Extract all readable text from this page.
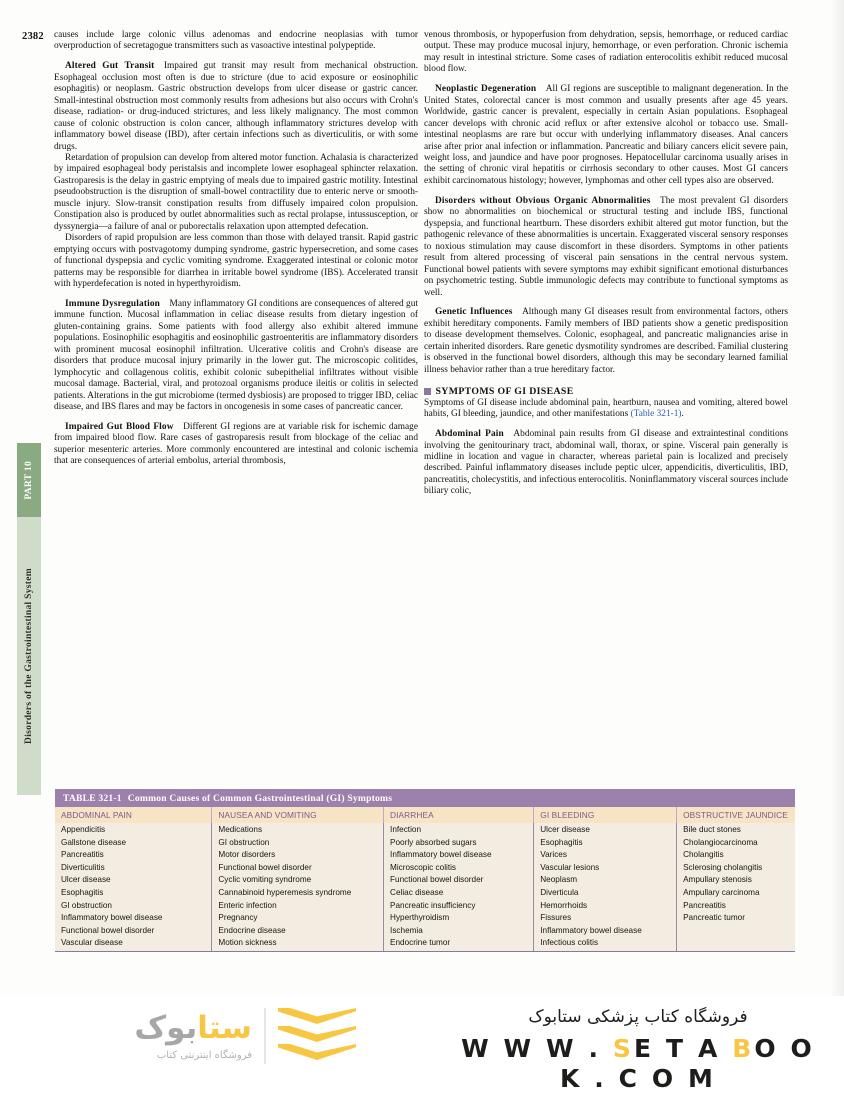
2382
PART 10
Disorders of the Gastrointestinal System

causes include large colonic villus adenomas and endocrine neoplasias with tumor overproduction of secretagogue transmitters such as vasoactive intestinal polypeptide.

Altered Gut Transit Impaired gut transit may result from mechanical obstruction. Esophageal occlusion most often is due to stricture (due to acid exposure or eosinophilic esophagitis) or neoplasm. Gastric obstruction develops from ulcer disease or gastric cancer. Small-intestinal obstruction most commonly results from adhesions but also occurs with Crohn's disease, radiation- or drug-induced strictures, and less likely malignancy. The most common cause of colonic obstruction is colon cancer, although inflammatory strictures develop with inflammatory bowel disease (IBD), after certain infections such as diverticulitis, or with some drugs.

Retardation of propulsion can develop from altered motor function. Achalasia is characterized by impaired esophageal body peristalsis and incomplete lower esophageal sphincter relaxation. Gastroparesis is the delay in gastric emptying of meals due to impaired gastric motility. Intestinal pseudoobstruction is the disruption of small-bowel contractility due to enteric nerve or smooth-muscle injury. Slow-transit constipation results from diffusely impaired colon propulsion. Constipation also is produced by outlet abnormalities such as rectal prolapse, intussusception, or dyssynergia—a failure of anal or puborectalis relaxation upon attempted defecation.

Disorders of rapid propulsion are less common than those with delayed transit. Rapid gastric emptying occurs with postvagotomy dumping syndrome, gastric hypersecretion, and some cases of functional dyspepsia and cyclic vomiting syndrome. Exaggerated intestinal or colonic motor patterns may be responsible for diarrhea in irritable bowel syndrome (IBS). Accelerated transit with hyperdefecation is noted in hyperthyroidism.

Immune Dysregulation Many inflammatory GI conditions are consequences of altered gut immune function. Mucosal inflammation in celiac disease results from dietary ingestion of gluten-containing grains. Some patients with food allergy also exhibit altered immune populations. Eosinophilic esophagitis and eosinophilic gastroenteritis are inflammatory disorders with prominent mucosal eosinophil infiltration. Ulcerative colitis and Crohn's disease are disorders that produce mucosal injury primarily in the lower gut. The microscopic colitides, lymphocytic and collagenous colitis, exhibit colonic subepithelial infiltrates without visible mucosal damage. Bacterial, viral, and protozoal organisms produce ileitis or colitis in selected patients. Alterations in the gut microbiome (termed dysbiosis) are proposed to trigger IBD, celiac disease, and IBS flares and may be factors in oncogenesis in some cases of pancreatic cancer.

Impaired Gut Blood Flow Different GI regions are at variable risk for ischemic damage from impaired blood flow. Rare cases of gastroparesis result from blockage of the celiac and superior mesenteric arteries. More commonly encountered are intestinal and colonic ischemia that are consequences of arterial embolus, arterial thrombosis,

venous thrombosis, or hypoperfusion from dehydration, sepsis, hemorrhage, or reduced cardiac output. These may produce mucosal injury, hemorrhage, or even perforation. Chronic ischemia may result in intestinal stricture. Some cases of radiation enterocolitis exhibit reduced mucosal blood flow.

Neoplastic Degeneration All GI regions are susceptible to malignant degeneration. In the United States, colorectal cancer is most common and usually presents after age 45 years. Worldwide, gastric cancer is prevalent, especially in certain Asian populations. Esophageal cancer develops with chronic acid reflux or after extensive alcohol or tobacco use. Small-intestinal neoplasms are rare but occur with underlying inflammatory diseases. Anal cancers arise after prior anal infection or inflammation. Pancreatic and biliary cancers elicit severe pain, weight loss, and jaundice and have poor prognoses. Hepatocellular carcinoma usually arises in the setting of chronic viral hepatitis or cirrhosis secondary to other causes. Most GI cancers exhibit carcinomatous histology; however, lymphomas and other cell types also are observed.

Disorders without Obvious Organic Abnormalities The most prevalent GI disorders show no abnormalities on biochemical or structural testing and include IBS, functional dyspepsia, and functional heartburn. These disorders exhibit altered gut motor function, but the pathogenic relevance of these abnormalities is uncertain. Exaggerated visceral sensory responses to noxious stimulation may cause discomfort in these disorders. Symptoms in other patients result from altered processing of visceral pain sensations in the central nervous system. Functional bowel patients with severe symptoms may exhibit significant emotional disturbances on psychometric testing. Subtle immunologic defects may contribute to functional symptoms as well.

Genetic Influences Although many GI diseases result from environmental factors, others exhibit hereditary components. Family members of IBD patients show a genetic predisposition to disease development themselves. Colonic, esophageal, and pancreatic malignancies arise in certain inherited disorders. Rare genetic dysmotility syndromes are described. Familial clustering is observed in the functional bowel disorders, although this may be secondary learned familial illness behavior rather than a true hereditary factor.

SYMPTOMS OF GI DISEASE

Symptoms of GI disease include abdominal pain, heartburn, nausea and vomiting, altered bowel habits, GI bleeding, jaundice, and other manifestations (Table 321-1).

Abdominal Pain Abdominal pain results from GI disease and extraintestinal conditions involving the genitourinary tract, abdominal wall, thorax, or spine. Visceral pain generally is midline in location and vague in character, whereas parietal pain is localized and precisely described. Painful inflammatory diseases include peptic ulcer, appendicitis, diverticulitis, IBD, pancreatitis, cholecystitis, and infectious enterocolitis. Noninflammatory visceral sources include biliary colic,

TABLE 321-1 Common Causes of Common Gastrointestinal (GI) Symptoms
ABDOMINAL PAIN	NAUSEA AND VOMITING	DIARRHEA	GI BLEEDING	OBSTRUCTIVE JAUNDICE
Appendicitis	Medications	Infection	Ulcer disease	Bile duct stones
Gallstone disease	GI obstruction	Poorly absorbed sugars	Esophagitis	Cholangiocarcinoma
Pancreatitis	Motor disorders	Inflammatory bowel disease	Varices	Cholangitis
Diverticulitis	Functional bowel disorder	Microscopic colitis	Vascular lesions	Sclerosing cholangitis
Ulcer disease	Cyclic vomiting syndrome	Functional bowel disorder	Neoplasm	Ampullary stenosis
Esophagitis	Cannabinoid hyperemesis syndrome	Celiac disease	Diverticula	Ampullary carcinoma
GI obstruction	Enteric infection	Pancreatic insufficiency	Hemorrhoids	Pancreatitis
Inflammatory bowel disease	Pregnancy	Hyperthyroidism	Fissures	Pancreatic tumor
Functional bowel disorder	Endocrine disease	Ischemia	Inflammatory bowel disease	
Vascular disease	Motion sickness	Endocrine tumor	Infectious colitis	
ستابوک
فروشگاه اینترنتی کتاب
فروشگاه کتاب پزشکی ستابوک
W W W . SE T A BO O K . C O M
